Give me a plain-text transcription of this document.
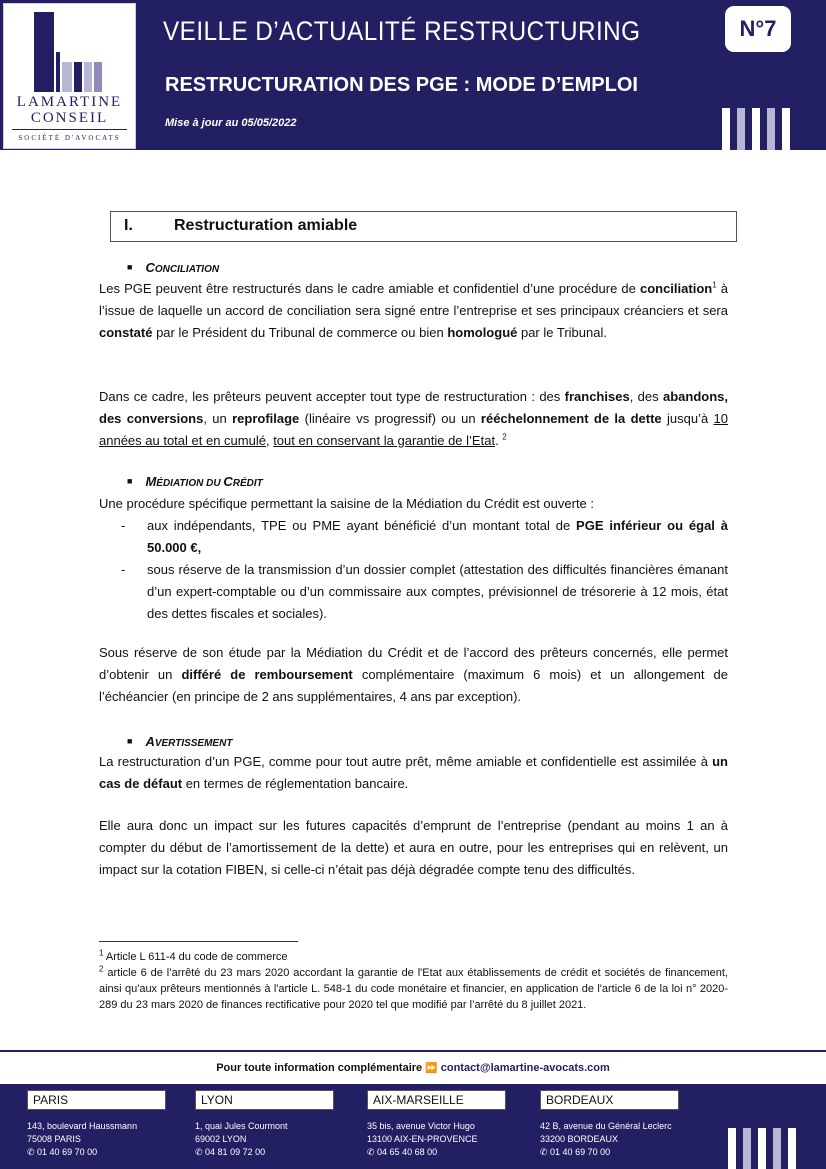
LAMARTINE
CONSEIL
SOCIÉTÉ D'AVOCATS
VEILLE D’ACTUALITÉ RESTRUCTURING
RESTRUCTURATION DES PGE : MODE D’EMPLOI
Mise à jour au 05/05/2022
N°7
I.	Restructuration amiable
■ CONCILIATION

Les PGE peuvent être restructurés dans le cadre amiable et confidentiel d’une procédure de conciliation$^1$ à l’issue de laquelle un accord de conciliation sera signé entre l’entreprise et ses principaux créanciers et sera constaté par le Président du Tribunal de commerce ou bien homologué par le Tribunal.

Dans ce cadre, les prêteurs peuvent accepter tout type de restructuration : des franchises, des abandons, des conversions, un reprofilage (linéaire vs progressif) ou un rééchelonnement de la dette jusqu’à 10 années au total et en cumulé, tout en conservant la garantie de l’Etat. $^2$

■ MÉDIATION DU CRÉDIT

Une procédure spécifique permettant la saisine de la Médiation du Crédit est ouverte :

- aux indépendants, TPE ou PME ayant bénéficié d’un montant total de PGE inférieur ou égal à 50.000 €,
- sous réserve de la transmission d’un dossier complet (attestation des difficultés financières émanant d’un expert-comptable ou d’un commissaire aux comptes, prévisionnel de trésorerie à 12 mois, état des dettes fiscales et sociales).

Sous réserve de son étude par la Médiation du Crédit et de l’accord des prêteurs concernés, elle permet d’obtenir un différé de remboursement complémentaire (maximum 6 mois) et un allongement de l’échéancier (en principe de 2 ans supplémentaires, 4 ans par exception).

■ AVERTISSEMENT

La restructuration d’un PGE, comme pour tout autre prêt, même amiable et confidentielle est assimilée à un cas de défaut en termes de réglementation bancaire.

Elle aura donc un impact sur les futures capacités d’emprunt de l’entreprise (pendant au moins 1 an à compter du début de l’amortissement de la dette) et aura en outre, pour les entreprises qui en relèvent, un impact sur la cotation FIBEN, si celle-ci n’était pas déjà dégradée compte tenu des difficultés.

$^1$ Article L 611-4 du code de commerce
$^2$ article 6 de l’arrêté du 23 mars 2020 accordant la garantie de l'Etat aux établissements de crédit et sociétés de financement, ainsi qu'aux prêteurs mentionnés à l'article L. 548-1 du code monétaire et financier, en application de l'article 6 de la loi n° 2020-289 du 23 mars 2020 de finances rectificative pour 2020 tel que modifié par l’arrêté du 8 juillet 2021.
Pour toute information complémentaire ⏩ contact@lamartine-avocats.com
PARIS
143, boulevard Haussmann
75008 PARIS
✆ 01 40 69 70 00
LYON
1, quai Jules Courmont
69002 LYON
✆ 04 81 09 72 00
AIX-MARSEILLE
35 bis, avenue Victor Hugo
13100 AIX-EN-PROVENCE
✆ 04 65 40 68 00
BORDEAUX
42 B, avenue du Général Leclerc
33200 BORDEAUX
✆ 01 40 69 70 00
